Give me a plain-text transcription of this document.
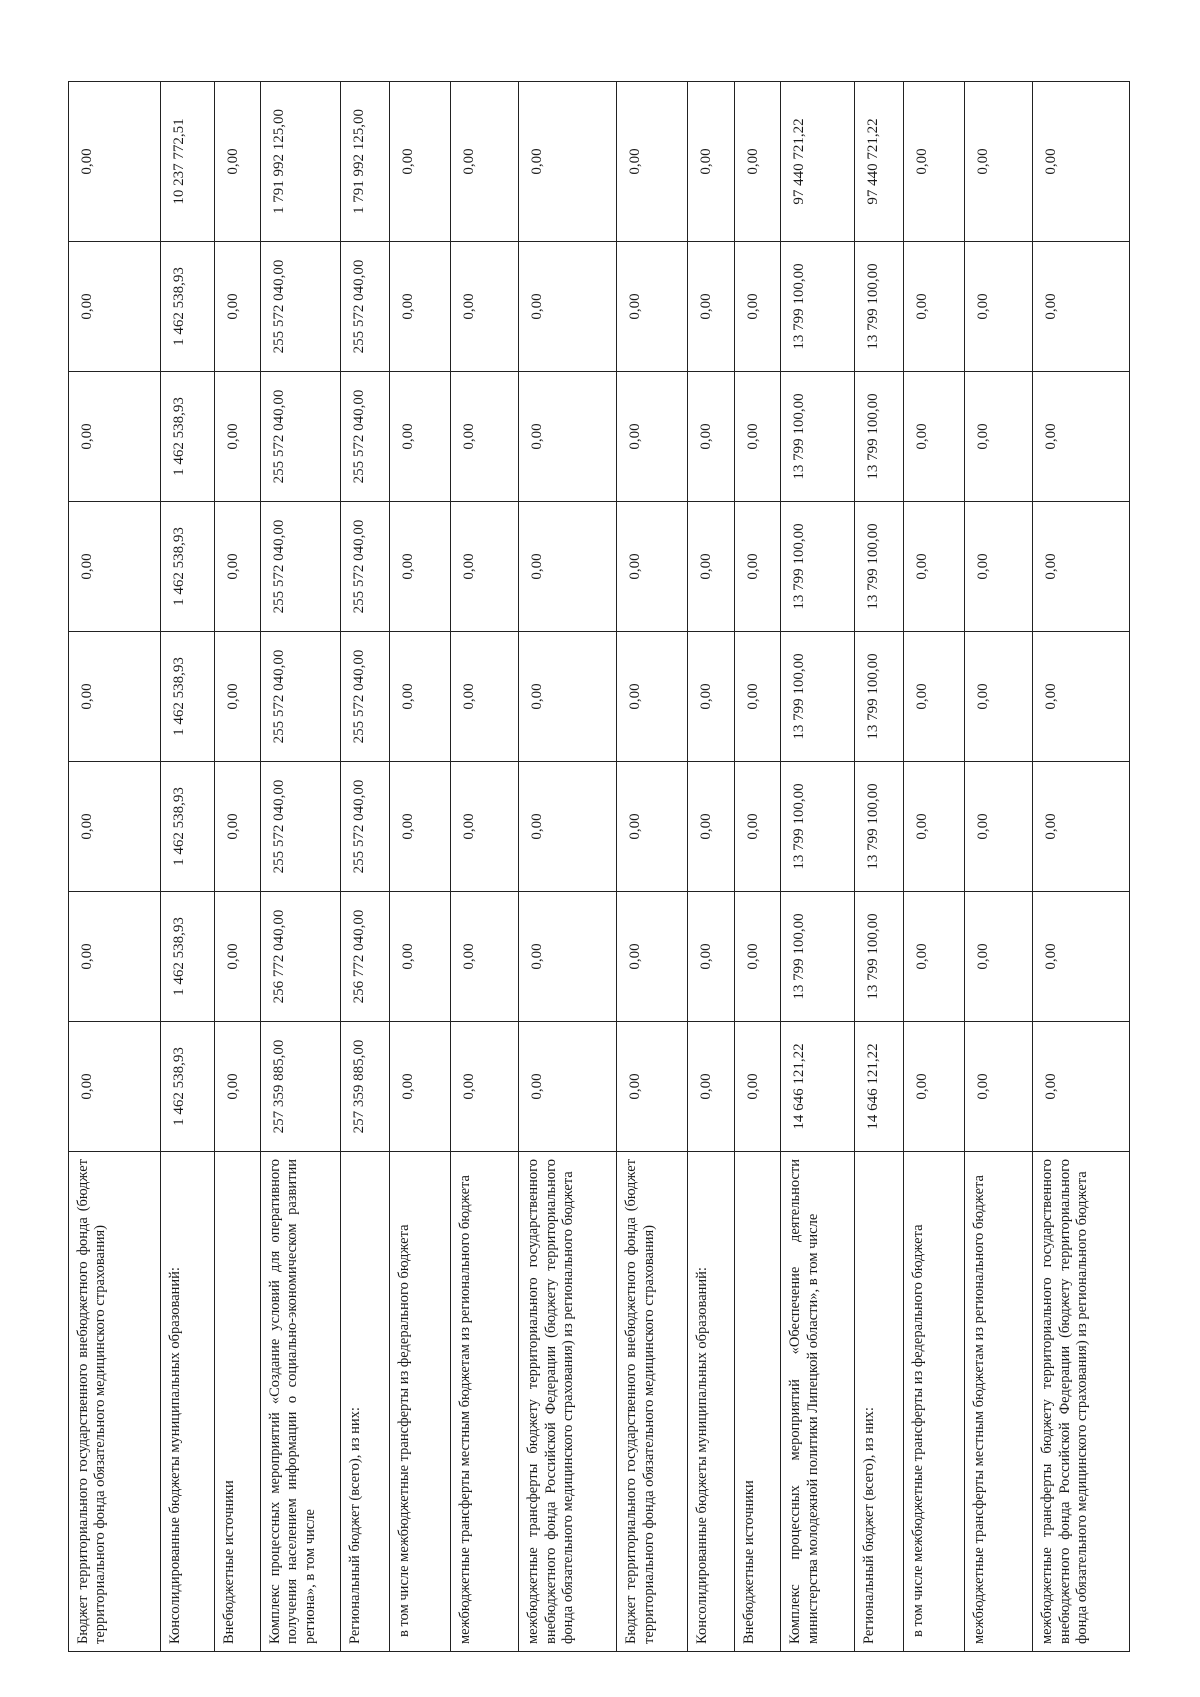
Бюджет территориального государственного внебюджетного фонда (бюджет территориального фонда обязательного медицинского страхования)	0,00	0,00	0,00	0,00	0,00	0,00	0,00	0,00
Консолидированные бюджеты муниципальных образований:	1 462 538,93	1 462 538,93	1 462 538,93	1 462 538,93	1 462 538,93	1 462 538,93	1 462 538,93	10 237 772,51
Внебюджетные источники	0,00	0,00	0,00	0,00	0,00	0,00	0,00	0,00
Комплекс процессных мероприятий «Создание условий для оперативного получения населением информации о социально-экономическом развитии региона», в том числе	257 359 885,00	256 772 040,00	255 572 040,00	255 572 040,00	255 572 040,00	255 572 040,00	255 572 040,00	1 791 992 125,00
Региональный бюджет (всего), из них:	257 359 885,00	256 772 040,00	255 572 040,00	255 572 040,00	255 572 040,00	255 572 040,00	255 572 040,00	1 791 992 125,00
в том числе межбюджетные трансферты из федерального бюджета	0,00	0,00	0,00	0,00	0,00	0,00	0,00	0,00
межбюджетные трансферты местным бюджетам из регионального бюджета	0,00	0,00	0,00	0,00	0,00	0,00	0,00	0,00
межбюджетные трансферты бюджету территориального государственного внебюджетного фонда Российской Федерации (бюджету территориального фонда обязательного медицинского страхования) из регионального бюджета	0,00	0,00	0,00	0,00	0,00	0,00	0,00	0,00
Бюджет территориального государственного внебюджетного фонда (бюджет территориального фонда обязательного медицинского страхования)	0,00	0,00	0,00	0,00	0,00	0,00	0,00	0,00
Консолидированные бюджеты муниципальных образований:	0,00	0,00	0,00	0,00	0,00	0,00	0,00	0,00
Внебюджетные источники	0,00	0,00	0,00	0,00	0,00	0,00	0,00	0,00
Комплекс процессных мероприятий «Обеспечение деятельности министерства молодежной политики Липецкой области», в том числе	14 646 121,22	13 799 100,00	13 799 100,00	13 799 100,00	13 799 100,00	13 799 100,00	13 799 100,00	97 440 721,22
Региональный бюджет (всего), из них:	14 646 121,22	13 799 100,00	13 799 100,00	13 799 100,00	13 799 100,00	13 799 100,00	13 799 100,00	97 440 721,22
в том числе межбюджетные трансферты из федерального бюджета	0,00	0,00	0,00	0,00	0,00	0,00	0,00	0,00
межбюджетные трансферты местным бюджетам из регионального бюджета	0,00	0,00	0,00	0,00	0,00	0,00	0,00	0,00
межбюджетные трансферты бюджету территориального государственного внебюджетного фонда Российской Федерации (бюджету территориального фонда обязательного медицинского страхования) из регионального бюджета	0,00	0,00	0,00	0,00	0,00	0,00	0,00	0,00
